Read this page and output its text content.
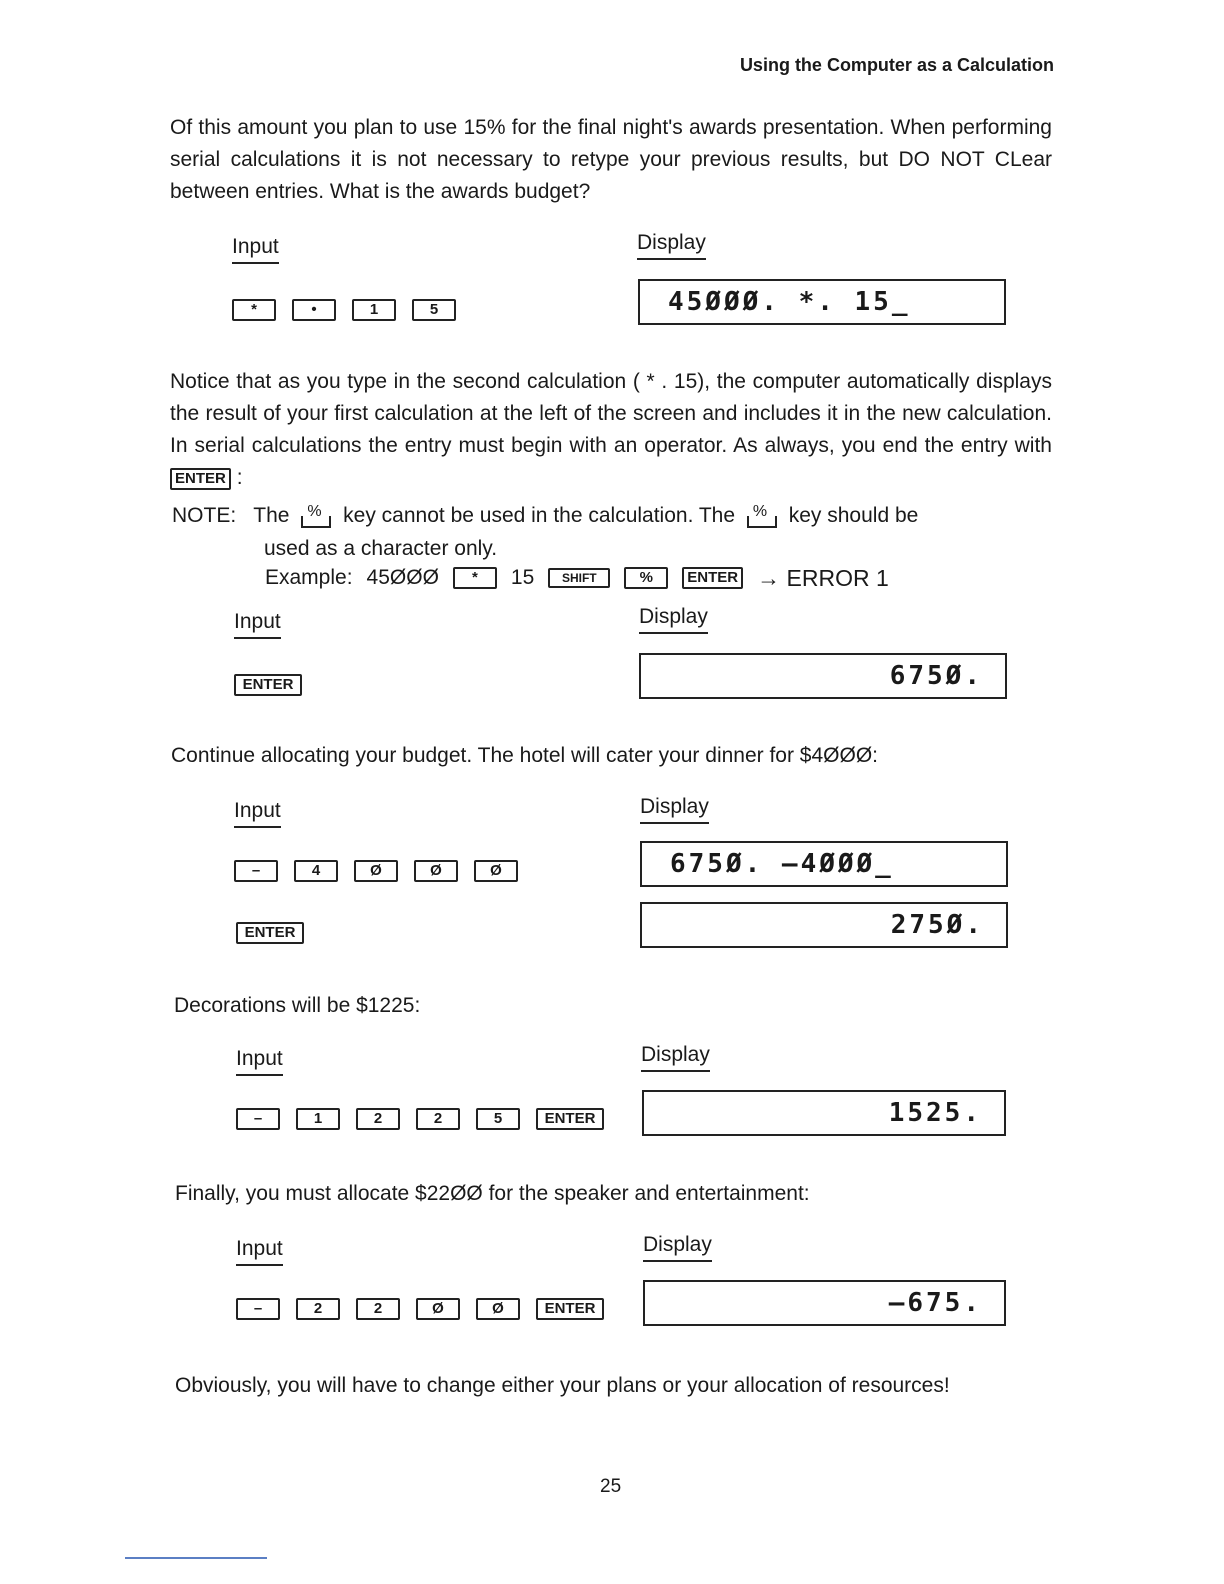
Using the Computer as a Calculation
Of this amount you plan to use 15% for the final night's awards presentation. When performing serial calculations it is not necessary to retype your previous results, but DO NOT CLear between entries. What is the awards budget?
Input	Display
*	•	1	5	45ØØØ. *. 15_
Notice that as you type in the second calculation ( * . 15), the computer automatically displays the result of your first calculation at the left of the screen and includes it in the new calculation. In serial calculations the entry must begin with an operator. As always, you end the entry with ENTER :
NOTE: The % key cannot be used in the calculation. The % key should be
used as a character only.
Example: 45ØØØ	*	15	SHIFT	%	ENTER → ERROR 1
Input	Display
ENTER	675Ø.
Continue allocating your budget. The hotel will cater your dinner for $4ØØØ:
Input	Display
–	4	Ø	Ø	Ø	675Ø. –4ØØØ_
ENTER	275Ø.
Decorations will be $1225:
Input	Display
–	1	2	2	5	ENTER	1525.
Finally, you must allocate $22ØØ for the speaker and entertainment:
Input	Display
–	2	2	Ø	Ø	ENTER	–675.
Obviously, you will have to change either your plans or your allocation of resources!
25
